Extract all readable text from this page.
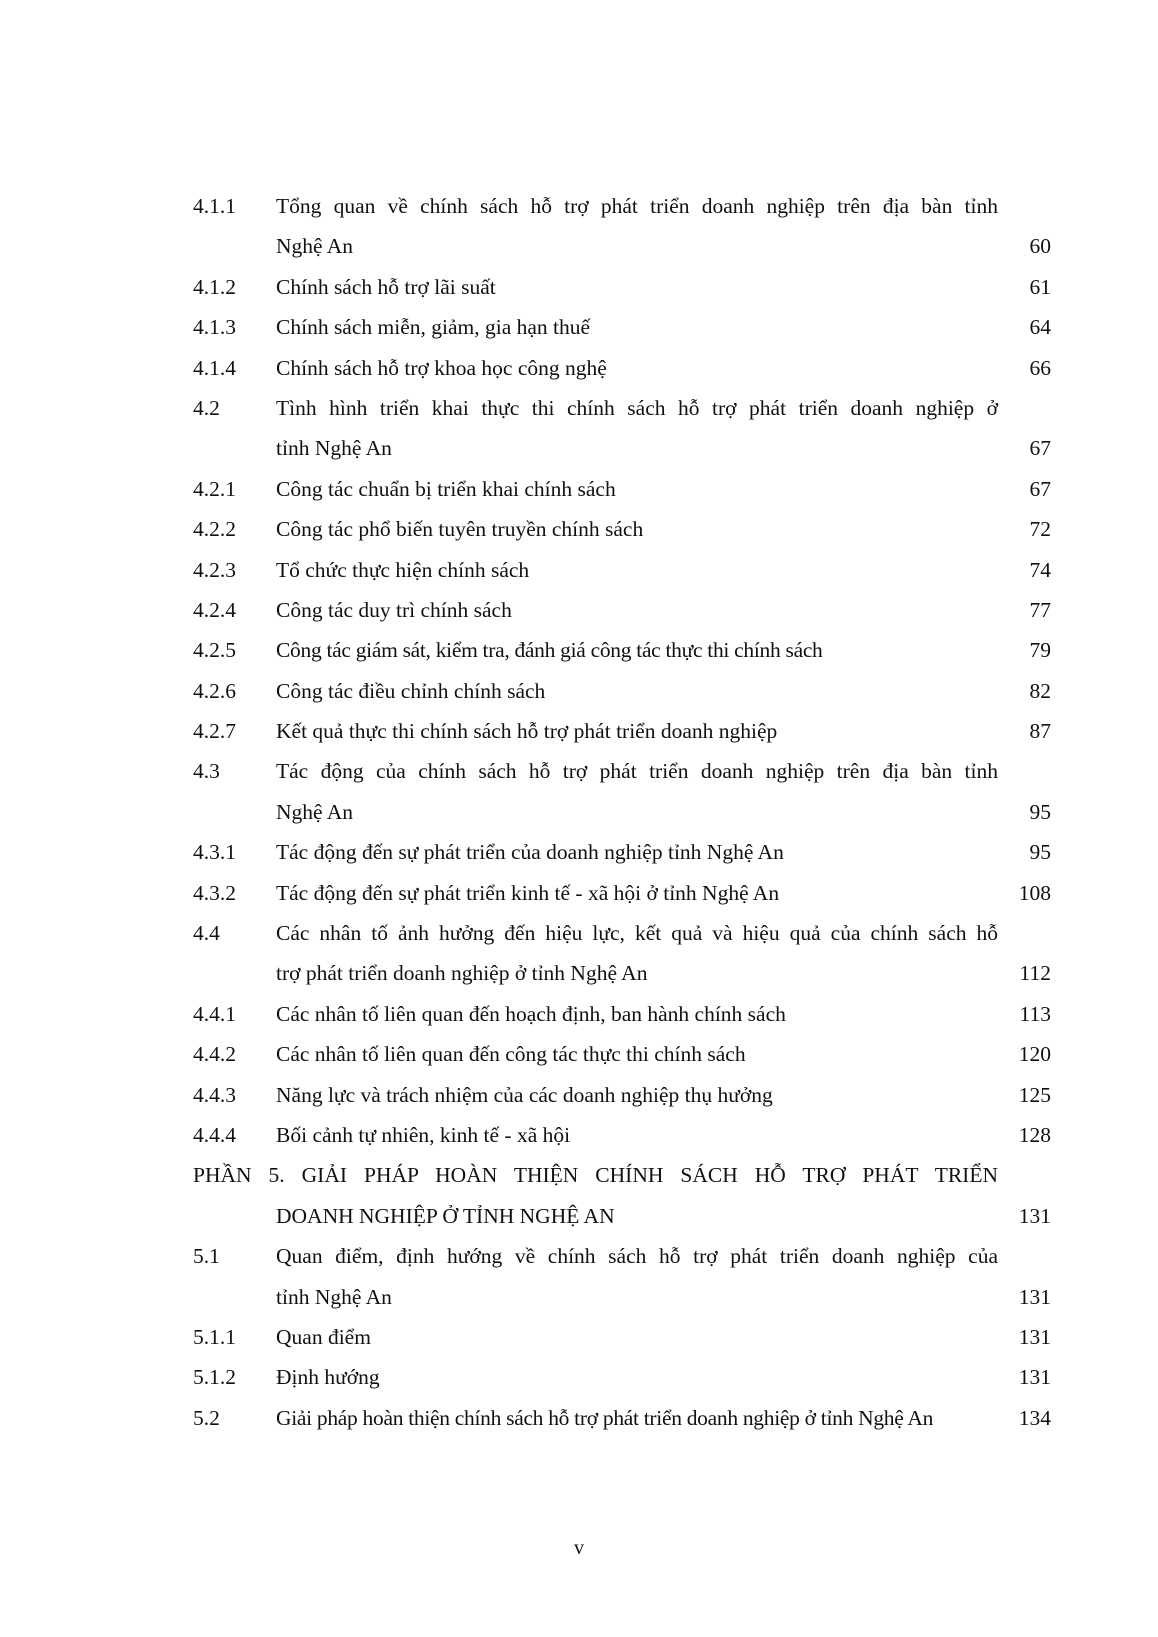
4.1.1 Tổng quan về chính sách hỗ trợ phát triển doanh nghiệp trên địa bàn tỉnh
Nghệ An	60
4.1.2 Chính sách hỗ trợ lãi suất	61
4.1.3 Chính sách miễn, giảm, gia hạn thuế	64
4.1.4 Chính sách hỗ trợ khoa học công nghệ	66
4.2	Tình hình triển khai thực thi chính sách hỗ trợ phát triển doanh nghiệp ở
tỉnh Nghệ An	67
4.2.1 Công tác chuẩn bị triển khai chính sách	67
4.2.2 Công tác phổ biến tuyên truyền chính sách	72
4.2.3 Tổ chức thực hiện chính sách	74
4.2.4 Công tác duy trì chính sách	77
4.2.5 Công tác giám sát, kiểm tra, đánh giá công tác thực thi chính sách	79
4.2.6 Công tác điều chỉnh chính sách	82
4.2.7 Kết quả thực thi chính sách hỗ trợ phát triển doanh nghiệp	87
4.3	Tác động của chính sách hỗ trợ phát triển doanh nghiệp trên địa bàn tỉnh
Nghệ An	95
4.3.1 Tác động đến sự phát triển của doanh nghiệp tỉnh Nghệ An	95
4.3.2 Tác động đến sự phát triển kinh tế - xã hội ở tỉnh Nghệ An	108
4.4	Các nhân tố ảnh hưởng đến hiệu lực, kết quả và hiệu quả của chính sách hỗ
trợ phát triển doanh nghiệp ở tỉnh Nghệ An	112
4.4.1 Các nhân tố liên quan đến hoạch định, ban hành chính sách	113
4.4.2 Các nhân tố liên quan đến công tác thực thi chính sách	120
4.4.3 Năng lực và trách nhiệm của các doanh nghiệp thụ hưởng	125
4.4.4 Bối cảnh tự nhiên, kinh tế - xã hội	128
PHẦN 5. GIẢI PHÁP HOÀN THIỆN CHÍNH SÁCH HỖ TRỢ PHÁT TRIỂN
DOANH NGHIỆP Ở TỈNH NGHỆ AN	131
5.1	Quan điểm, định hướng về chính sách hỗ trợ phát triển doanh nghiệp của
tỉnh Nghệ An	131
5.1.1 Quan điểm	131
5.1.2 Định hướng	131
5.2	Giải pháp hoàn thiện chính sách hỗ trợ phát triển doanh nghiệp ở tỉnh Nghệ An	134
v
